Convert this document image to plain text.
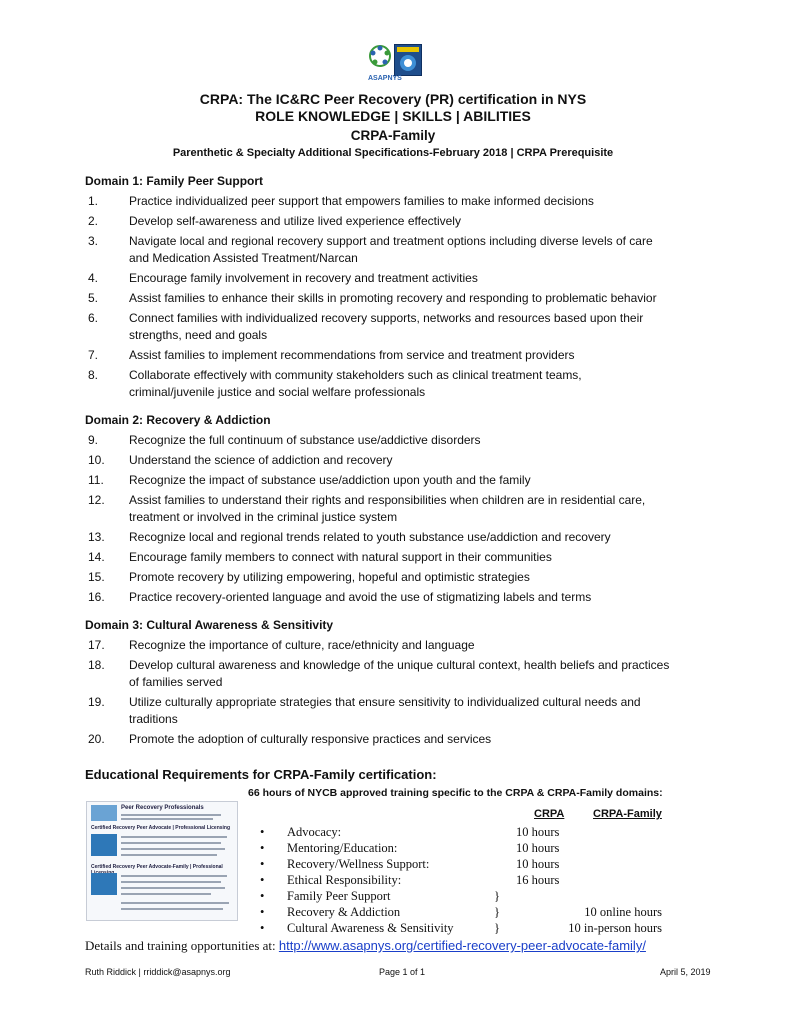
ASAPNYS
CRPA: The IC&RC Peer Recovery (PR) certification in NYS
ROLE KNOWLEDGE | SKILLS | ABILITIES
CRPA-Family
Parenthetic & Specialty Additional Specifications-February 2018 | CRPA Prerequisite
Domain 1: Family Peer Support
1.	Practice individualized peer support that empowers families to make informed decisions
2.	Develop self-awareness and utilize lived experience effectively
3.	Navigate local and regional recovery support and treatment options including diverse levels of care
and Medication Assisted Treatment/Narcan
4.	Encourage family involvement in recovery and treatment activities
5.	Assist families to enhance their skills in promoting recovery and responding to problematic behavior
6.	Connect families with individualized recovery supports, networks and resources based upon their
strengths, need and goals
7.	Assist families to implement recommendations from service and treatment providers
8.	Collaborate effectively with community stakeholders such as clinical treatment teams,
criminal/juvenile justice and social welfare professionals
Domain 2: Recovery & Addiction
9.	Recognize the full continuum of substance use/addictive disorders
10.	Understand the science of addiction and recovery
11.	Recognize the impact of substance use/addiction upon youth and the family
12.	Assist families to understand their rights and responsibilities when children are in residential care,
treatment or involved in the criminal justice system
13.	Recognize local and regional trends related to youth substance use/addiction and recovery
14.	Encourage family members to connect with natural support in their communities
15.	Promote recovery by utilizing empowering, hopeful and optimistic strategies
16.	Practice recovery-oriented language and avoid the use of stigmatizing labels and terms
Domain 3: Cultural Awareness & Sensitivity
17.	Recognize the importance of culture, race/ethnicity and language
18.	Develop cultural awareness and knowledge of the unique cultural context, health beliefs and practices
of families served
19.	Utilize culturally appropriate strategies that ensure sensitivity to individualized cultural needs and
traditions
20.	Promote the adoption of culturally responsive practices and services
Educational Requirements for CRPA-Family certification:
66 hours of NYCB approved training specific to the CRPA & CRPA-Family domains:
Peer Recovery Professionals
Certified Recovery Peer Advocate | Professional Licensing
Certified Recovery Peer Advocate-Family | Professional
CRPA	CRPA-Family
• Advocacy:	10 hours
• Mentoring/Education:	10 hours
• Recovery/Wellness Support:	10 hours
• Ethical Responsibility:	16 hours
• Family Peer Support	}
• Recovery & Addiction	}	10 online hours
• Cultural Awareness & Sensitivity	}	10 in-person hours
Details and training opportunities at: http://www.asapnys.org/certified-recovery-peer-advocate-family/
Ruth Riddick | rriddick@asapnys.org	Page 1 of 1	April 5, 2019
